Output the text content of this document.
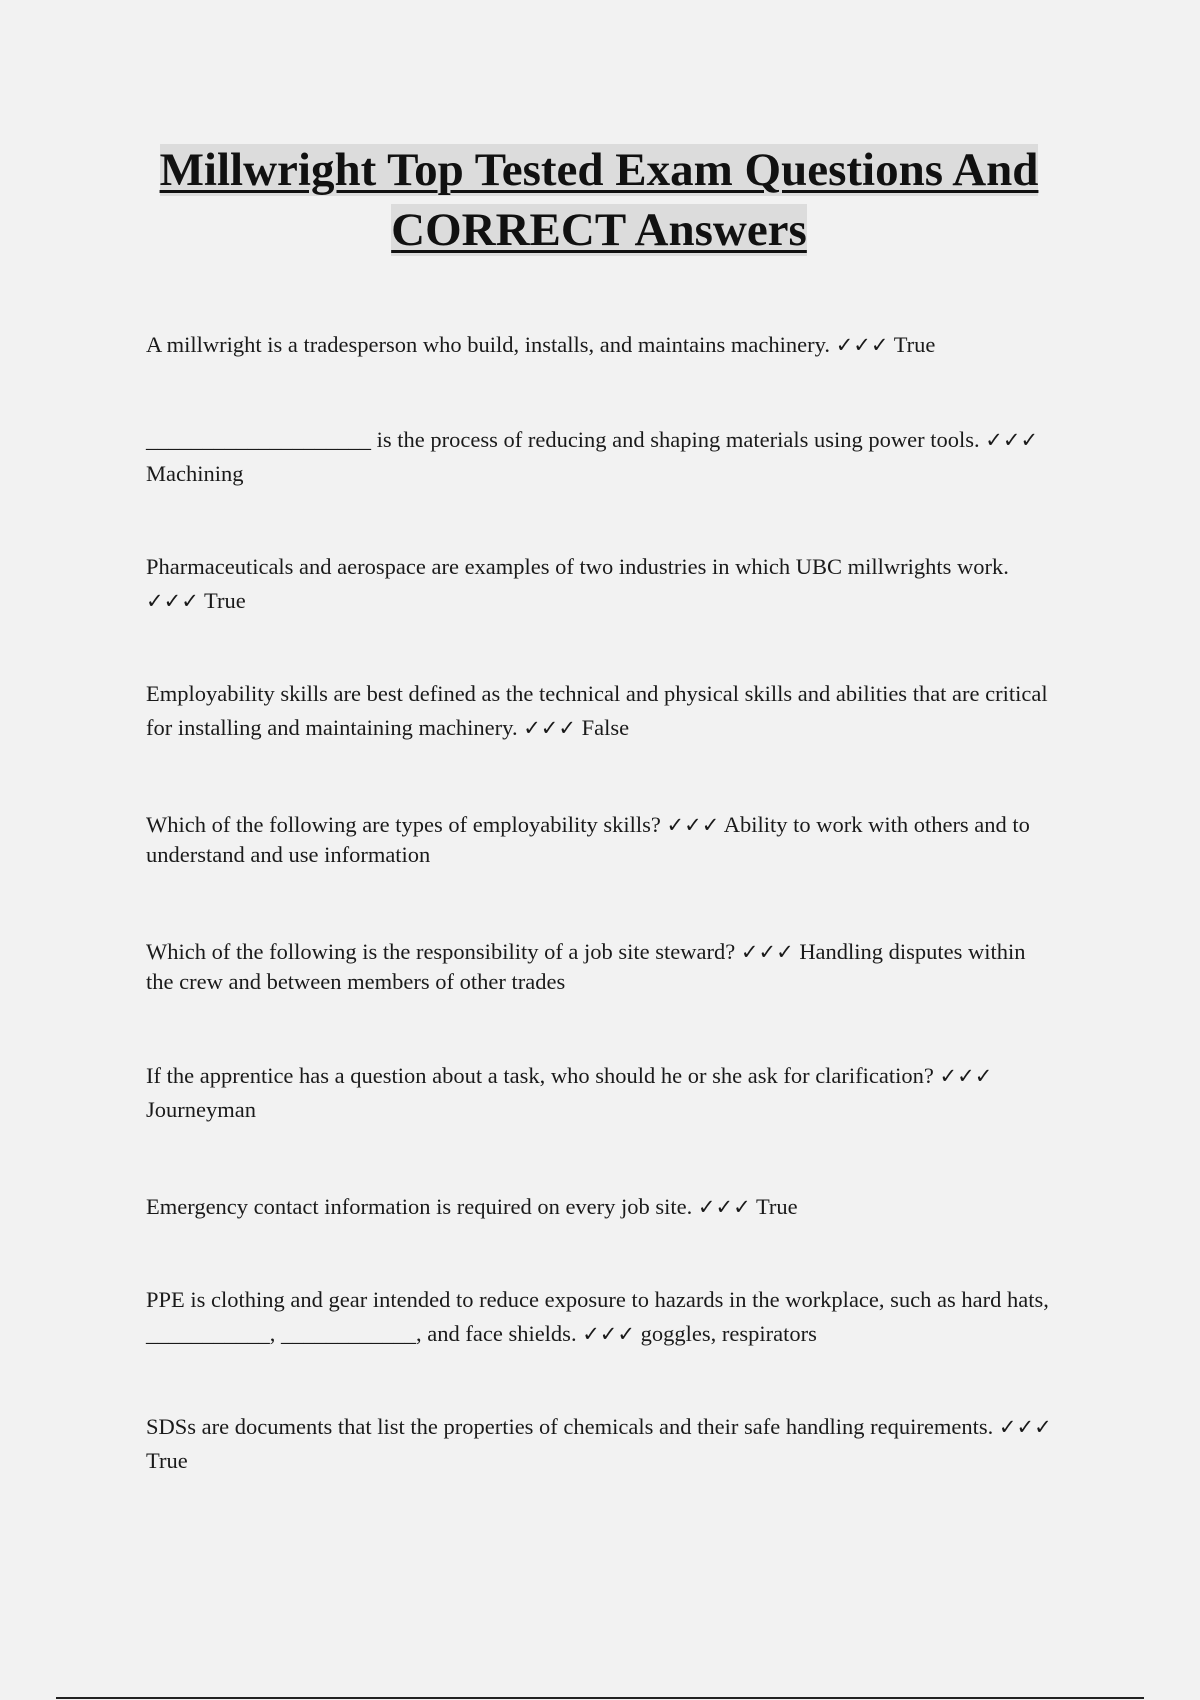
Millwright Top Tested Exam Questions And CORRECT Answers

A millwright is a tradesperson who build, installs, and maintains machinery. ✓✓✓ True

____________________ is the process of reducing and shaping materials using power tools. ✓✓✓ Machining

Pharmaceuticals and aerospace are examples of two industries in which UBC millwrights work. ✓✓✓ True

Employability skills are best defined as the technical and physical skills and abilities that are critical for installing and maintaining machinery. ✓✓✓ False

Which of the following are types of employability skills? ✓✓✓ Ability to work with others and to understand and use information

Which of the following is the responsibility of a job site steward? ✓✓✓ Handling disputes within the crew and between members of other trades

If the apprentice has a question about a task, who should he or she ask for clarification? ✓✓✓ Journeyman

Emergency contact information is required on every job site. ✓✓✓ True

PPE is clothing and gear intended to reduce exposure to hazards in the workplace, such as hard hats, ___________, ____________, and face shields. ✓✓✓ goggles, respirators

SDSs are documents that list the properties of chemicals and their safe handling requirements. ✓✓✓ True
